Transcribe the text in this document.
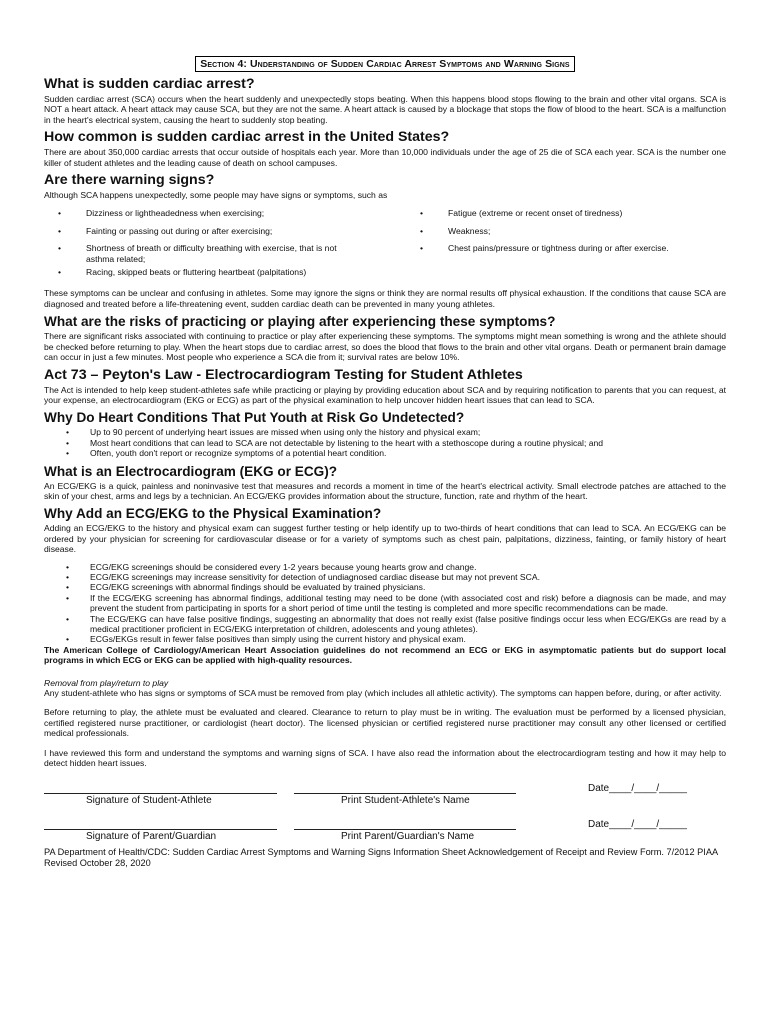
Section 4: Understanding of Sudden Cardiac Arrest Symptoms and Warning Signs
What is sudden cardiac arrest?

Sudden cardiac arrest (SCA) occurs when the heart suddenly and unexpectedly stops beating. When this happens blood stops flowing to the brain and other vital organs. SCA is NOT a heart attack. A heart attack may cause SCA, but they are not the same. A heart attack is caused by a blockage that stops the flow of blood to the heart. SCA is a malfunction in the heart's electrical system, causing the heart to suddenly stop beating.

How common is sudden cardiac arrest in the United States?

There are about 350,000 cardiac arrests that occur outside of hospitals each year. More than 10,000 individuals under the age of 25 die of SCA each year. SCA is the number one killer of student athletes and the leading cause of death on school campuses.

Are there warning signs?

Although SCA happens unexpectedly, some people may have signs or symptoms, such as

•	Dizziness or lightheadedness when exercising;
•	Fainting or passing out during or after exercising;
•	Shortness of breath or difficulty breathing with exercise, that is not asthma related;
•	Racing, skipped beats or fluttering heartbeat (palpitations)
•	Fatigue (extreme or recent onset of tiredness)
•	Weakness;
•	Chest pains/pressure or tightness during or after exercise.

These symptoms can be unclear and confusing in athletes. Some may ignore the signs or think they are normal results off physical exhaustion. If the conditions that cause SCA are diagnosed and treated before a life-threatening event, sudden cardiac death can be prevented in many young athletes.

What are the risks of practicing or playing after experiencing these symptoms?

There are significant risks associated with continuing to practice or play after experiencing these symptoms. The symptoms might mean something is wrong and the athlete should be checked before returning to play. When the heart stops due to cardiac arrest, so does the blood that flows to the brain and other vital organs. Death or permanent brain damage can occur in just a few minutes. Most people who experience a SCA die from it; survival rates are below 10%.

Act 73 – Peyton's Law - Electrocardiogram Testing for Student Athletes

The Act is intended to help keep student-athletes safe while practicing or playing by providing education about SCA and by requiring notification to parents that you can request, at your expense, an electrocardiogram (EKG or ECG) as part of the physical examination to help uncover hidden heart issues that can lead to SCA.

Why Do Heart Conditions That Put Youth at Risk Go Undetected?
•	Up to 90 percent of underlying heart issues are missed when using only the history and physical exam;
•	Most heart conditions that can lead to SCA are not detectable by listening to the heart with a stethoscope during a routine physical; and
•	Often, youth don't report or recognize symptoms of a potential heart condition.
What is an Electrocardiogram (EKG or ECG)?

An ECG/EKG is a quick, painless and noninvasive test that measures and records a moment in time of the heart's electrical activity. Small electrode patches are attached to the skin of your chest, arms and legs by a technician. An ECG/EKG provides information about the structure, function, rate and rhythm of the heart.

Why Add an ECG/EKG to the Physical Examination?

Adding an ECG/EKG to the history and physical exam can suggest further testing or help identify up to two-thirds of heart conditions that can lead to SCA. An ECG/EKG can be ordered by your physician for screening for cardiovascular disease or for a variety of symptoms such as chest pain, palpitations, dizziness, fainting, or family history of heart disease.

•	ECG/EKG screenings should be considered every 1-2 years because young hearts grow and change.
•	ECG/EKG screenings may increase sensitivity for detection of undiagnosed cardiac disease but may not prevent SCA.
•	ECG/EKG screenings with abnormal findings should be evaluated by trained physicians.
•	If the ECG/EKG screening has abnormal findings, additional testing may need to be done (with associated cost and risk) before a diagnosis can be made, and may prevent the student from participating in sports for a short period of time until the testing is completed and more specific recommendations can be made.
•	The ECG/EKG can have false positive findings, suggesting an abnormality that does not really exist (false positive findings occur less when ECG/EKGs are read by a medical practitioner proficient in ECG/EKG interpretation of children, adolescents and young athletes).
•	ECGs/EKGs result in fewer false positives than simply using the current history and physical exam.

The American College of Cardiology/American Heart Association guidelines do not recommend an ECG or EKG in asymptomatic patients but do support local programs in which ECG or EKG can be applied with high-quality resources.

Removal from play/return to play

Any student-athlete who has signs or symptoms of SCA must be removed from play (which includes all athletic activity). The symptoms can happen before, during, or after activity.

Before returning to play, the athlete must be evaluated and cleared. Clearance to return to play must be in writing. The evaluation must be performed by a licensed physician, certified registered nurse practitioner, or cardiologist (heart doctor). The licensed physician or certified registered nurse practitioner may consult any other licensed or certified medical professionals.

I have reviewed this form and understand the symptoms and warning signs of SCA. I have also read the information about the electrocardiogram testing and how it may help to detect hidden heart issues.

Date____/____/_____
Signature of Student-Athlete	Print Student-Athlete's Name
Date____/____/_____
Signature of Parent/Guardian	Print Parent/Guardian's Name
PA Department of Health/CDC: Sudden Cardiac Arrest Symptoms and Warning Signs Information Sheet Acknowledgement of Receipt and Review Form. 7/2012 PIAA Revised October 28, 2020
